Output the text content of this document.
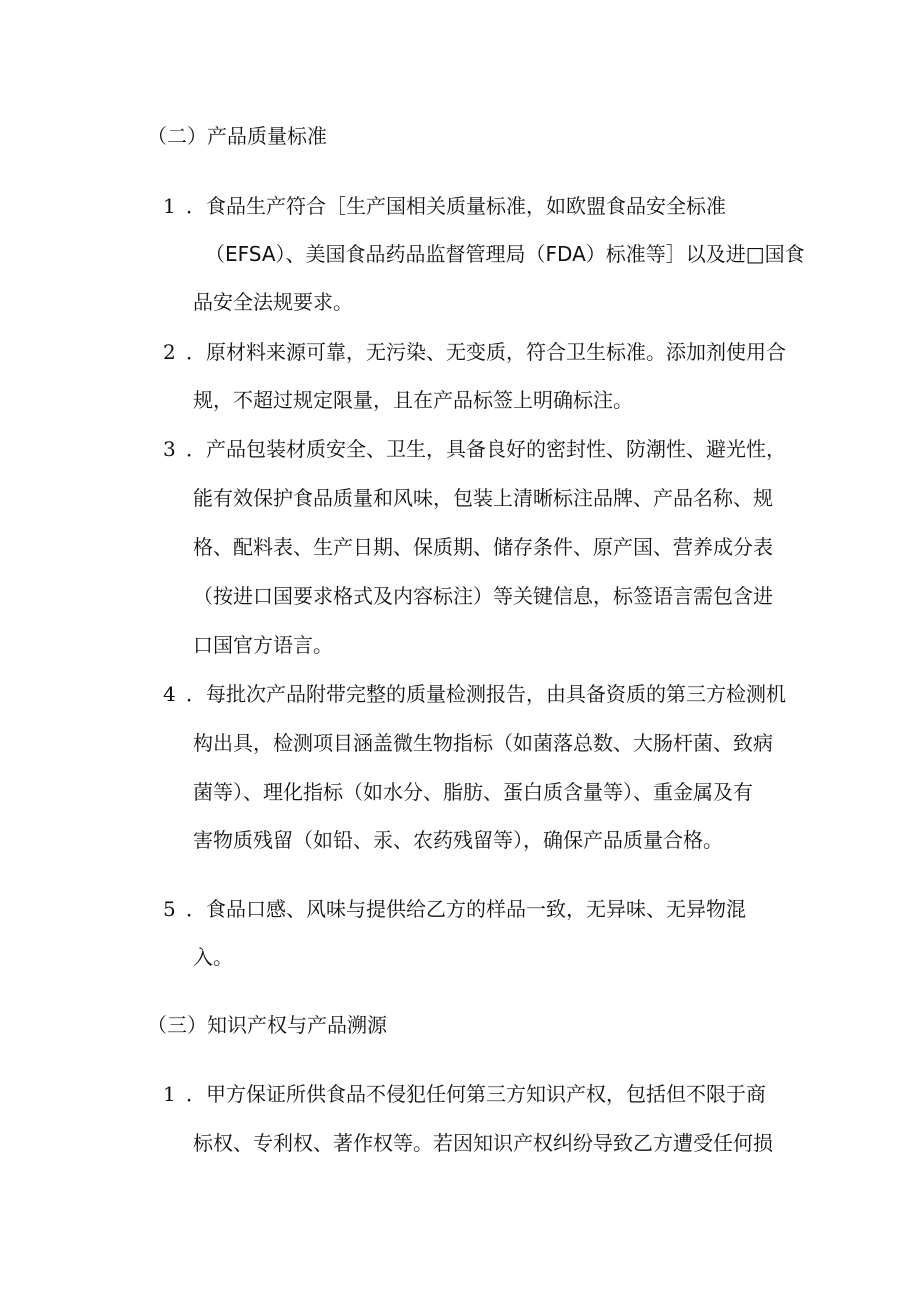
（二）产品质量标准
1 ．食品生产符合［生产国相关质量标准，如欧盟食品安全标准
（EFSA）、美国食品药品监督管理局（FDA）标准等］以及进□国食
品安全法规要求。
2 ．原材料来源可靠，无污染、无变质，符合卫生标准。添加剂使用合
规，不超过规定限量，且在产品标签上明确标注。
3 ．产品包装材质安全、卫生，具备良好的密封性、防潮性、避光性，
能有效保护食品质量和风味，包装上清晰标注品牌、产品名称、规
格、配料表、生产日期、保质期、储存条件、原产国、营养成分表
（按进口国要求格式及内容标注）等关键信息，标签语言需包含进
口国官方语言。
4 ．每批次产品附带完整的质量检测报告，由具备资质的第三方检测机
构出具，检测项目涵盖微生物指标（如菌落总数、大肠杆菌、致病
菌等）、理化指标（如水分、脂肪、蛋白质含量等）、重金属及有
害物质残留（如铅、汞、农药残留等），确保产品质量合格。
5 ．食品口感、风味与提供给乙方的样品一致，无异味、无异物混
入。
（三）知识产权与产品溯源
1 ．甲方保证所供食品不侵犯任何第三方知识产权，包括但不限于商
标权、专利权、著作权等。若因知识产权纠纷导致乙方遭受任何损
